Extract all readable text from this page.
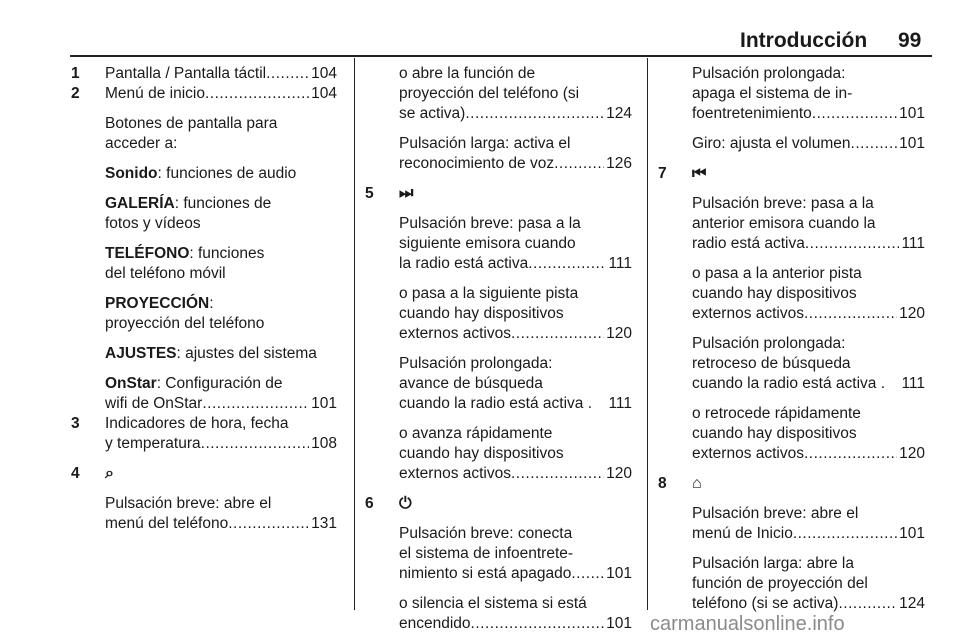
Introducción 99
1 Pantalla / Pantalla táctil .....	104
2 Menú de inicio .....	104

Botones de pantalla para
acceder a:

Sonido: funciones de audio

GALERÍA: funciones de
fotos y vídeos

TELÉFONO: funciones
del teléfono móvil

PROYECCIÓN:
proyección del teléfono

AJUSTES: ajustes del sistema

OnStar: Configuración de

wifi de OnStar .....	101
3 Indicadores de hora, fecha

y temperatura .....	108
4 ⌕

Pulsación breve: abre el

menú del teléfono .....	131

o abre la función de

proyección del teléfono (si

se activa) .....	124

Pulsación larga: activa el

reconocimiento de voz .....	126
5 ⏭

Pulsación breve: pasa a la

siguiente emisora cuando

la radio está activa .....	111

o pasa a la siguiente pista

cuando hay dispositivos

externos activos .....	120

Pulsación prolongada:

avance de búsqueda

cuando la radio está activa . 111

o avanza rápidamente

cuando hay dispositivos

externos activos .....	120
6 ⏻

Pulsación breve: conecta

el sistema de infoentrete-

nimiento si está apagado ..... 101

o silencia el sistema si está

encendido .....	101

Pulsación prolongada:

apaga el sistema de in-

foentretenimiento .....	101
Giro: ajusta el volumen .....	101
7 ⏮

Pulsación breve: pasa a la

anterior emisora cuando la

radio está activa .....	111

o pasa a la anterior pista

cuando hay dispositivos

externos activos .....	120

Pulsación prolongada:

retroceso de búsqueda

cuando la radio está activa . 111

o retrocede rápidamente

cuando hay dispositivos

externos activos .....	120
8 ⌂

Pulsación breve: abre el

menú de Inicio .....	101

Pulsación larga: abre la

función de proyección del

teléfono (si se activa) .....	124
carmanualsonline.info
